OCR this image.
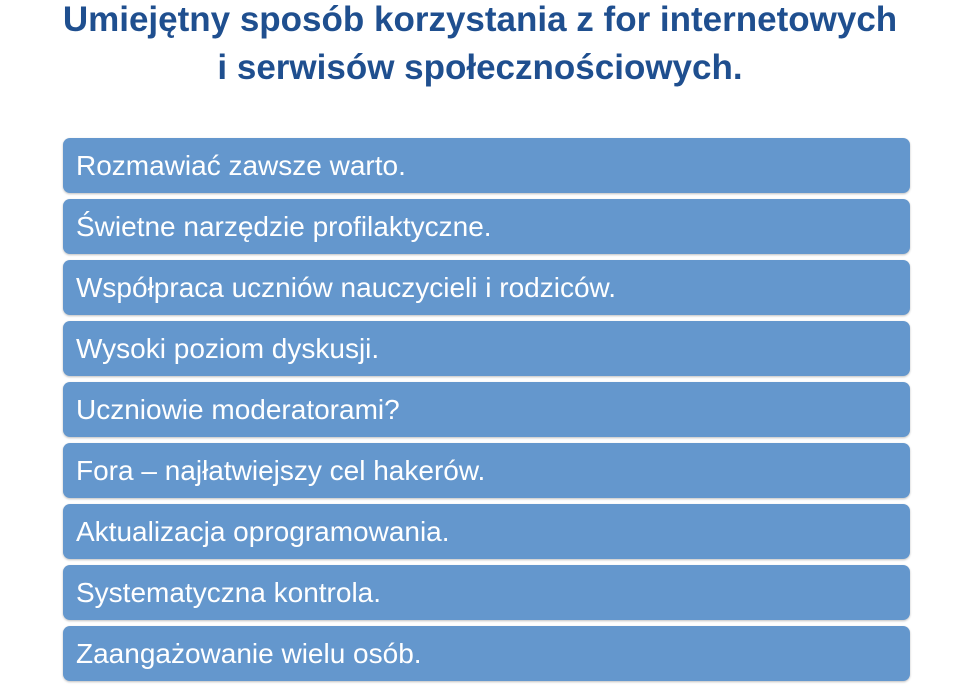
Umiejętny sposób korzystania z for internetowych
i serwisów społecznościowych.
Rozmawiać zawsze warto.
Świetne narzędzie profilaktyczne.
Współpraca uczniów nauczycieli i rodziców.
Wysoki poziom dyskusji.
Uczniowie moderatorami?
Fora – najłatwiejszy cel hakerów.
Aktualizacja oprogramowania.
Systematyczna kontrola.
Zaangażowanie wielu osób.
